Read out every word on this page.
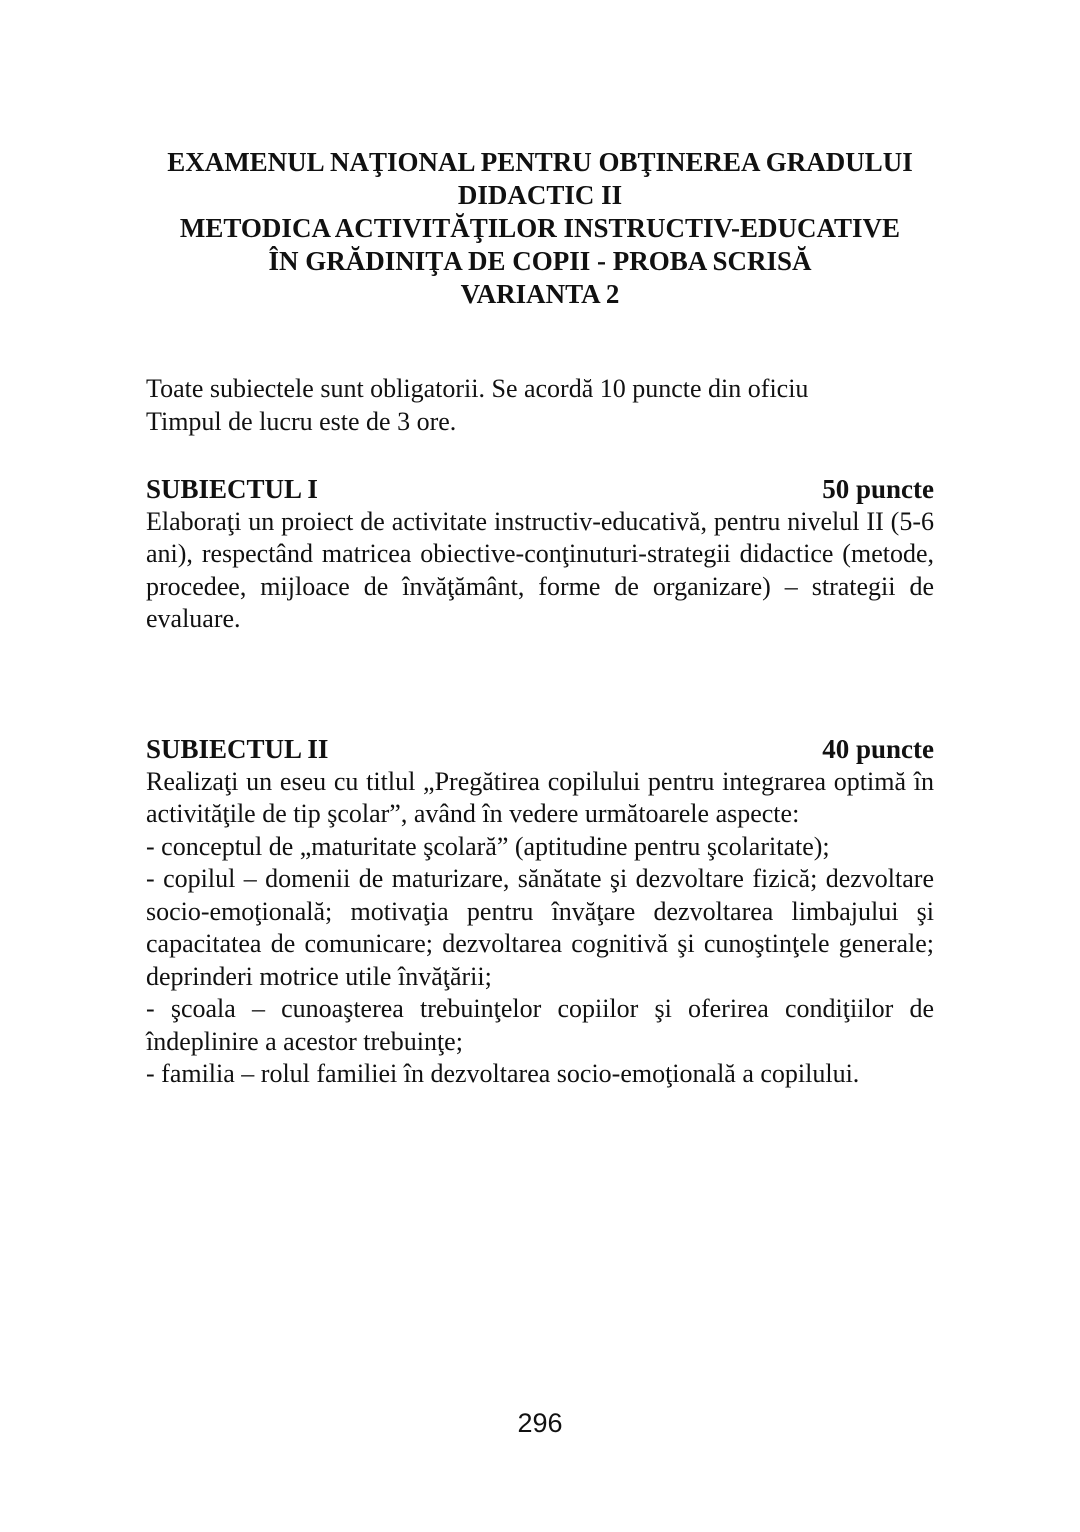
EXAMENUL NAŢIONAL PENTRU OBŢINEREA GRADULUI
DIDACTIC II
METODICA ACTIVITĂŢILOR INSTRUCTIV-EDUCATIVE
ÎN GRĂDINIŢA DE COPII - PROBA SCRISĂ
VARIANTA 2
Toate subiectele sunt obligatorii. Se acordă 10 puncte din oficiu
Timpul de lucru este de 3 ore.
SUBIECTUL I	50 puncte
Elaboraţi un proiect de activitate instructiv-educativă, pentru nivelul II (5-6 ani), respectând matricea obiective-conţinuturi-strategii didactice (metode, procedee, mijloace de învăţământ, forme de organizare) – strategii de evaluare.
SUBIECTUL II	40 puncte
Realizaţi un eseu cu titlul „Pregătirea copilului pentru integrarea optimă în activităţile de tip şcolar”, având în vedere următoarele aspecte:
- conceptul de „maturitate şcolară” (aptitudine pentru şcolaritate);
- copilul – domenii de maturizare, sănătate şi dezvoltare fizică; dezvoltare socio-emoţională; motivaţia pentru învăţare dezvoltarea limbajului şi capacitatea de comunicare; dezvoltarea cognitivă şi cunoştinţele generale; deprinderi motrice utile învăţării;
- şcoala – cunoaşterea trebuinţelor copiilor şi oferirea condiţiilor de îndeplinire a acestor trebuinţe;
- familia – rolul familiei în dezvoltarea socio-emoţională a copilului.
296
